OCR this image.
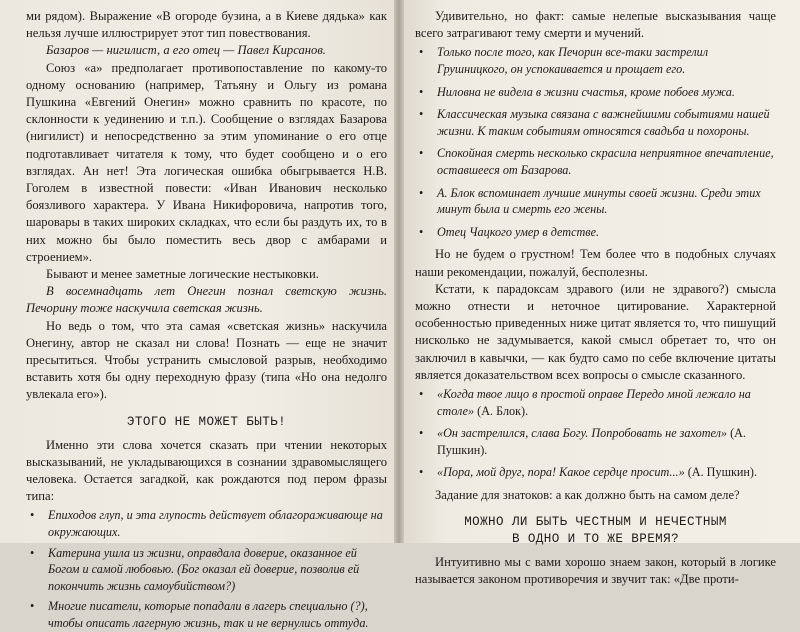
ми рядом). Выражение «В огороде бузина, а в Киеве дядька» как нельзя лучше иллюстрирует этот тип повествования.

Базаров — нигилист, а его отец — Павел Кирсанов.

Союз «а» предполагает противопоставление по какому-то одному основанию (например, Татьяну и Ольгу из романа Пушкина «Евгений Онегин» можно сравнить по красоте, по склонности к уединению и т.п.). Сообщение о взглядах Базарова (нигилист) и непосредственно за этим упоминание о его отце подготавливает читателя к тому, что будет сообщено и о его взглядах. Ан нет! Эта логическая ошибка обыгрывается Н.В. Гоголем в известной повести: «Иван Иванович несколько боязливого характера. У Ивана Никифоровича, напротив того, шаровары в таких широких складках, что если бы раздуть их, то в них можно бы было поместить весь двор с амбарами и строением».

Бывают и менее заметные логические нестыковки.

В восемнадцать лет Онегин познал светскую жизнь. Печорину тоже наскучила светская жизнь.

Но ведь о том, что эта самая «светская жизнь» наскучила Онегину, автор не сказал ни слова! Познать — еще не значит пресытиться. Чтобы устранить смысловой разрыв, необходимо вставить хотя бы одну переходную фразу (типа «Но она недолго увлекала его»).

ЭТОГО НЕ МОЖЕТ БЫТЬ!

Именно эти слова хочется сказать при чтении некоторых высказываний, не укладывающихся в сознании здравомыслящего человека. Остается загадкой, как рождаются под пером фразы типа:

• Епиходов глуп, и эта глупость действует облагораживающе на окружающих.
• Катерина ушла из жизни, оправдала доверие, оказанное ей Богом и самой любовью. (Бог оказал ей доверие, позволив ей покончить жизнь самоубийством?)
• Многие писатели, которые попадали в лагерь специально (?), чтобы описать лагерную жизнь, так и не вернулись оттуда.

Удивительно, но факт: самые нелепые высказывания чаще всего затрагивают тему смерти и мучений.

• Только после того, как Печорин все-таки застрелил Грушницкого, он успокаивается и прощает его.
• Ниловна не видела в жизни счастья, кроме побоев мужа.
• Классическая музыка связана с важнейшими событиями нашей жизни. К таким событиям относятся свадьба и похороны.
• Спокойная смерть несколько скрасила неприятное впечатление, оставшееся от Базарова.
• А. Блок вспоминает лучшие минуты своей жизни. Среди этих минут была и смерть его жены.
• Отец Чацкого умер в детстве.

Но не будем о грустном! Тем более что в подобных случаях наши рекомендации, пожалуй, бесполезны.

Кстати, к парадоксам здравого (или не здравого?) смысла можно отнести и неточное цитирование. Характерной особенностью приведенных ниже цитат является то, что пишущий нисколько не задумывается, какой смысл обретает то, что он заключил в кавычки, — как будто само по себе включение цитаты является доказательством всех вопросы о смысле сказанного.

• «Когда твое лицо в простой оправе Передо мной лежало на столе» (А. Блок).
• «Он застрелился, слава Богу. Попробовать не захотел» (А. Пушкин).
• «Пора, мой друг, пора! Какое сердце просит...» (А. Пушкин).

Задание для знатоков: а как должно быть на самом деле?

МОЖНО ЛИ БЫТЬ ЧЕСТНЫМ И НЕЧЕСТНЫМ
В ОДНО И ТО ЖЕ ВРЕМЯ?

Интуитивно мы с вами хорошо знаем закон, который в логике называется законом противоречия и звучит так: «Две проти-
